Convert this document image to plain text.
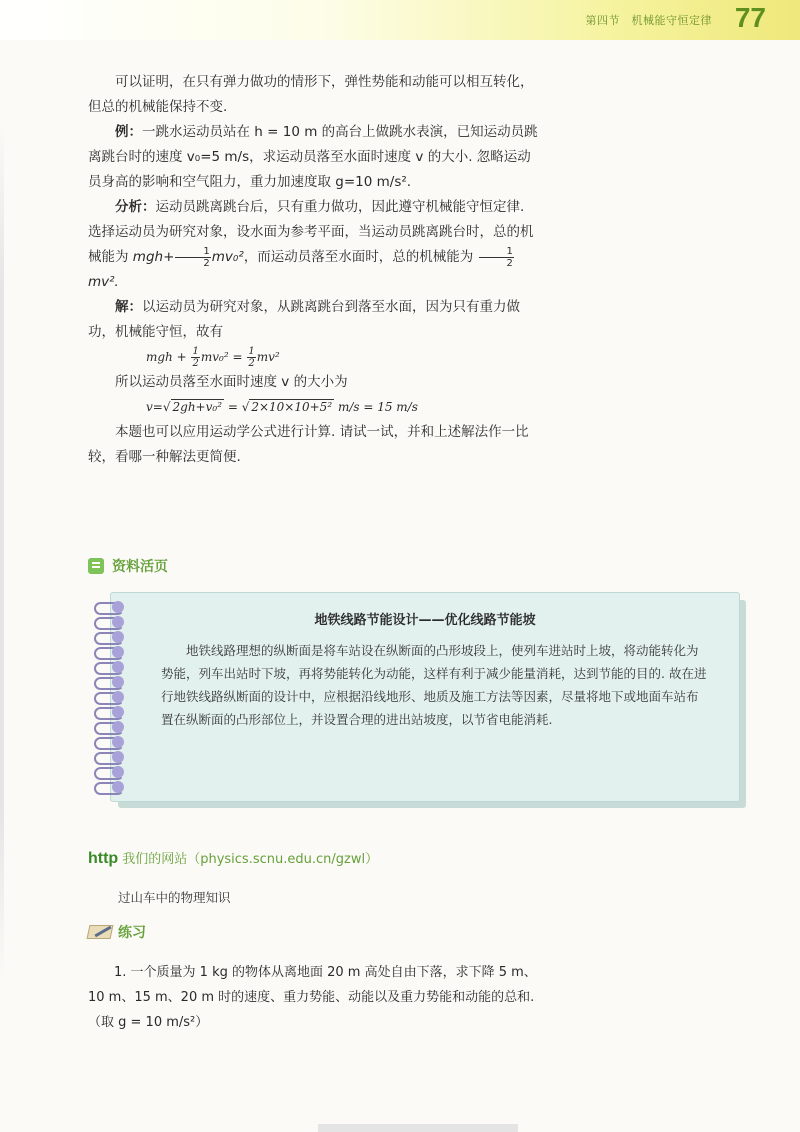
第四节　机械能守恒定律 77

可以证明，在只有弹力做功的情形下，弹性势能和动能可以相互转化，但总的机械能保持不变.

例：一跳水运动员站在 h = 10 m 的高台上做跳水表演，已知运动员跳离跳台时的速度 v₀=5 m/s，求运动员落至水面时速度 v 的大小. 忽略运动员身高的影响和空气阻力，重力加速度取 g=10 m/s².

分析：运动员跳离跳台后，只有重力做功，因此遵守机械能守恒定律. 选择运动员为研究对象，设水面为参考平面，当运动员跳离跳台时，总的机械能为 $mgh+ \frac{1}{2} mv_0^2$，而运动员落至水面时，总的机械能为 $\frac{1}{2}$
mv².

解：以运动员为研究对象，从跳离跳台到落至水面，因为只有重力做功，机械能守恒，故有

mgh + $\frac{1}{2} mv_0^2 = \frac{1}{2} mv^2$

所以运动员落至水面时速度 v 的大小为

v=√ 2gh+v₀² = √ 2×10×10+5² m/s = 15 m/s

本题也可以应用运动学公式进行计算. 请试一试，并和上述解法作一比较，看哪一种解法更简便.

资料活页
地铁线路节能设计——优化线路节能坡

地铁线路理想的纵断面是将车站设在纵断面的凸形坡段上，使列车进站时上坡，将动能转化为势能，列车出站时下坡，再将势能转化为动能，这样有利于减少能量消耗，达到节能的目的. 故在进行地铁线路纵断面的设计中，应根据沿线地形、地质及施工方法等因素，尽量将地下或地面车站布置在纵断面的凸形部位上，并设置合理的进出站坡度，以节省电能消耗.

http 我们的网站（physics.scnu.edu.cn/gzwl）
过山车中的物理知识
练习

1. 一个质量为 1 kg 的物体从离地面 20 m 高处自由下落，求下降 5 m、10 m、15 m、20 m 时的速度、重力势能、动能以及重力势能和动能的总和.（取 g = 10 m/s²）
